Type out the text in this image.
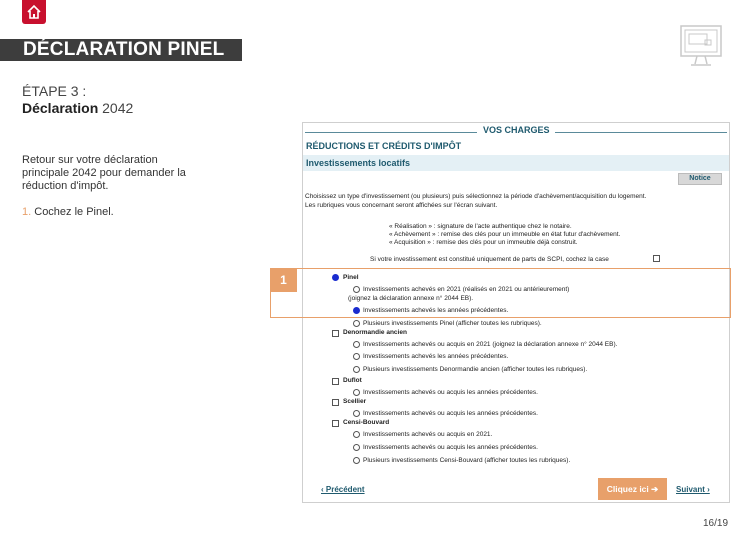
DÉCLARATION PINEL
ÉTAPE 3 :
Déclaration 2042
Retour sur votre déclaration principale 2042 pour demander la réduction d'impôt.
1. Cochez le Pinel.
VOS CHARGES
RÉDUCTIONS ET CRÉDITS D'IMPÔT
Investissements locatifs
Notice
Choisissez un type d'investissement (ou plusieurs) puis sélectionnez la période d'achèvement/acquisition du logement.
Les rubriques vous concernant seront affichées sur l'écran suivant.
« Réalisation » : signature de l'acte authentique chez le notaire.
« Achèvement » : remise des clés pour un immeuble en état futur d'achèvement.
« Acquisition » : remise des clés pour un immeuble déjà construit.
Si votre investissement est constitué uniquement de parts de SCPI, cochez la case
Pinel
Investissements achevés en 2021 (réalisés en 2021 ou antérieurement)
(joignez la déclaration annexe n° 2044 EB).
Investissements achevés les années précédentes.
Plusieurs investissements Pinel (afficher toutes les rubriques).
Denormandie ancien
Investissements achevés ou acquis en 2021 (joignez la déclaration annexe n° 2044 EB).
Investissements achevés les années précédentes.
Plusieurs investissements Denormandie ancien (afficher toutes les rubriques).
Duflot
Investissements achevés ou acquis les années précédentes.
Scellier
Investissements achevés ou acquis les années précédentes.
Censi-Bouvard
Investissements achevés ou acquis en 2021.
Investissements achevés ou acquis les années précédentes.
Plusieurs investissements Censi-Bouvard (afficher toutes les rubriques).
‹ Précédent	Cliquez ici ➔	Suivant ›
1
16/19
